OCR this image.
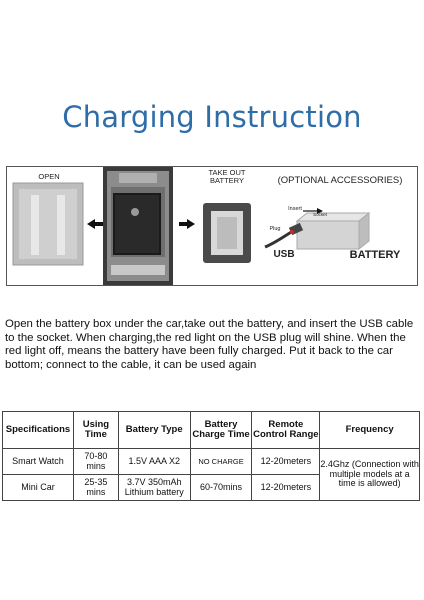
Charging Instruction
OPEN	TAKE OUT BATTERY	(OPTIONAL ACCESSORIES)
Insert
Socket
Plug
USB	BATTERY
Open the battery box under the car,take out the battery, and insert the USB cable to the socket. When charging,the red light on the USB plug will shine. When the red light off, means the battery have been fully charged. Put it back to the car bottom; connect to the cable, it can be used again
Specifications	Using Time	Battery Type	Battery Charge Time	Remote Control Range	Frequency
Smart Watch	70-80 mins	1.5V AAA X2	NO CHARGE	12-20meters	2.4Ghz (Connection with multiple models at a time is allowed)
Mini Car	25-35 mins	3.7V 350mAh Lithium battery	60-70mins	12-20meters	
